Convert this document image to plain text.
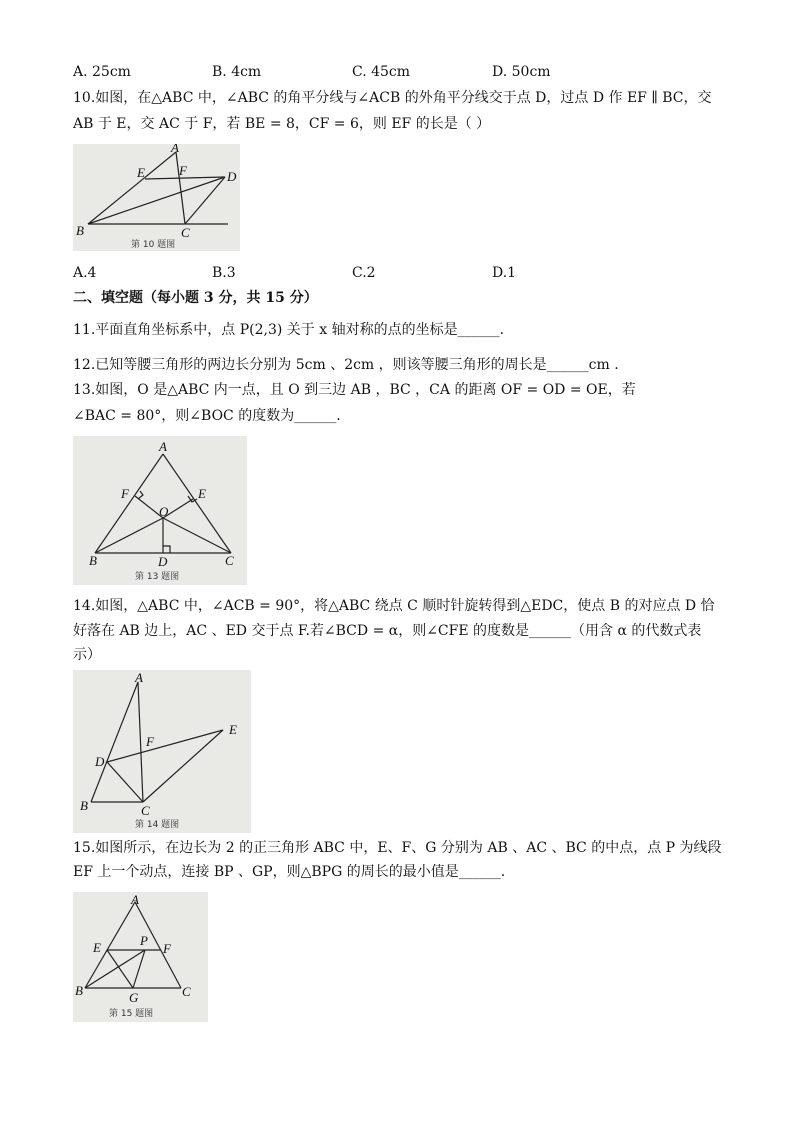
A. 25cm	B. 4cm	C. 45cm	D. 50cm
10.如图，在△ABC 中，∠ABC 的角平分线与∠ACB 的外角平分线交于点 D，过点 D 作 EF ∥ BC，交
AB 于 E，交 AC 于 F，若 BE = 8，CF = 6，则 EF 的长是（ ）
A
E	F	D
B	C
第 10 题图
A.4	B.3	C.2	D.1
二、填空题（每小题 3 分，共 15 分）
11.平面直角坐标系中，点 P(2,3) 关于 x 轴对称的点的坐标是______.
12.已知等腰三角形的两边长分别为 5cm 、2cm ，则该等腰三角形的周长是______cm .
13.如图，O 是△ABC 内一点，且 O 到三边 AB ，BC ，CA 的距离 OF = OD = OE，若
∠BAC = 80°，则∠BOC 的度数为______.
A
F	E
O
B	D	C
第 13 题图
14.如图，△ABC 中，∠ACB = 90°，将△ABC 绕点 C 顺时针旋转得到△EDC，使点 B 的对应点 D 恰
好落在 AB 边上，AC 、ED 交于点 F.若∠BCD = α，则∠CFE 的度数是______（用含 α 的代数式表
示）
A
E
F
D
B	C
第 14 题图
15.如图所示，在边长为 2 的正三角形 ABC 中，E、F、G 分别为 AB 、AC 、BC 的中点，点 P 为线段
EF 上一个动点，连接 BP 、GP，则△BPG 的周长的最小值是______.
A
E	P
F
B	G	C
第 15 题图
